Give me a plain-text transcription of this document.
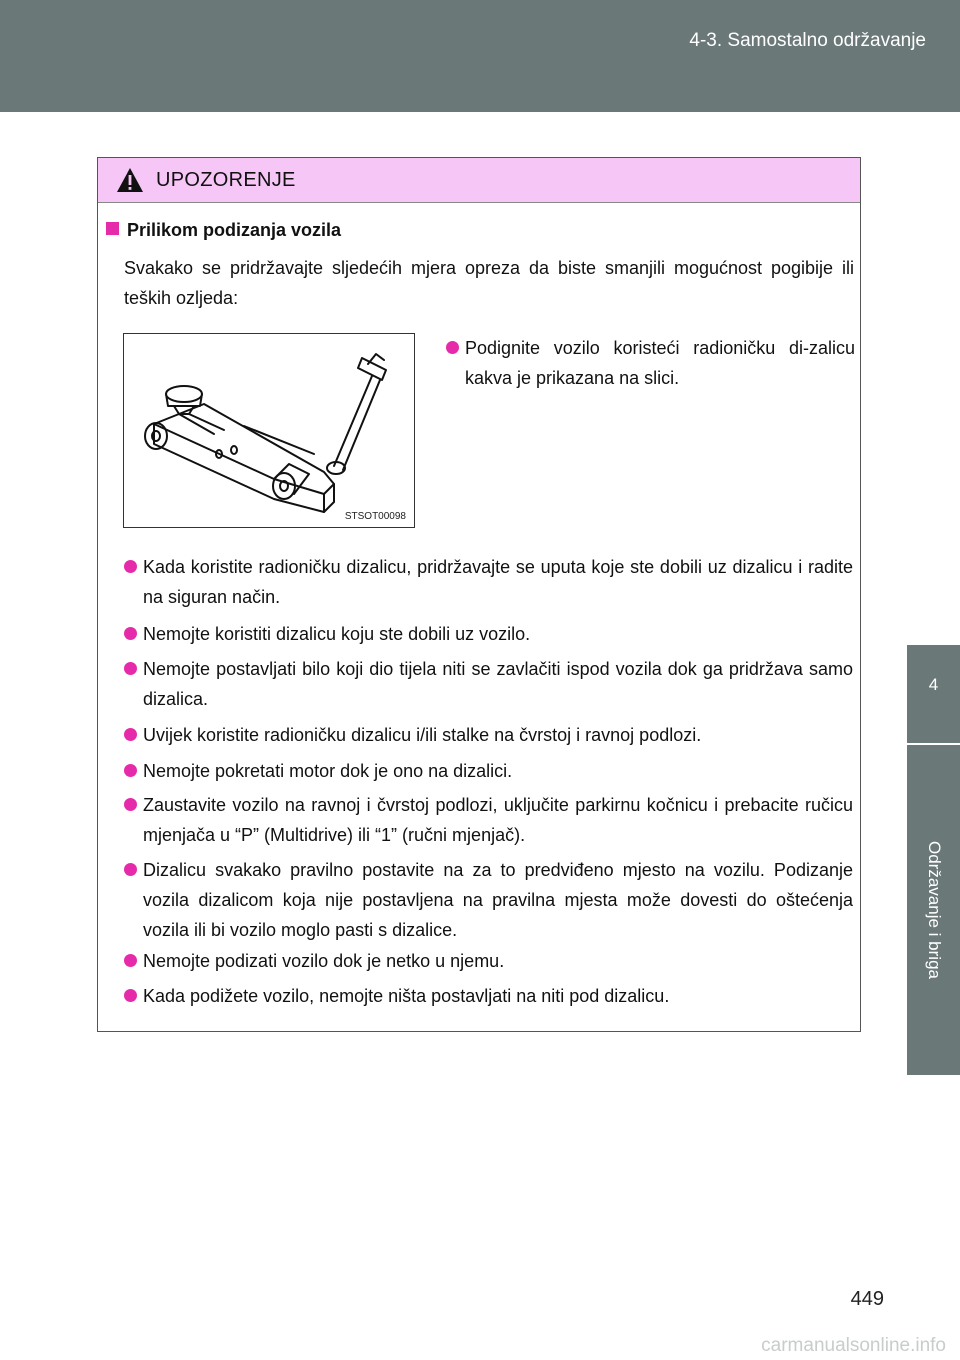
4-3. Samostalno održavanje
4
Održavanje i briga
UPOZORENJE
Prilikom podizanja vozila
Svakako se pridržavajte sljedećih mjera opreza da biste smanjili mogućnost pogibije ili teških ozljeda:
STSOT00098
Podignite vozilo koristeći radioničku di-zalicu kakva je prikazana na slici.
Kada koristite radioničku dizalicu, pridržavajte se uputa koje ste dobili uz dizalicu i radite na siguran način.
Nemojte koristiti dizalicu koju ste dobili uz vozilo.
Nemojte postavljati bilo koji dio tijela niti se zavlačiti ispod vozila dok ga pridržava samo dizalica.
Uvijek koristite radioničku dizalicu i/ili stalke na čvrstoj i ravnoj podlozi.
Nemojte pokretati motor dok je ono na dizalici.
Zaustavite vozilo na ravnoj i čvrstoj podlozi, uključite parkirnu kočnicu i prebacite ručicu mjenjača u “P” (Multidrive) ili “1” (ručni mjenjač).
Dizalicu svakako pravilno postavite na za to predviđeno mjesto na vozilu. Podizanje vozila dizalicom koja nije postavljena na pravilna mjesta može dovesti do oštećenja vozila ili bi vozilo moglo pasti s dizalice.
Nemojte podizati vozilo dok je netko u njemu.
Kada podižete vozilo, nemojte ništa postavljati na niti pod dizalicu.
449
carmanualsonline.info
